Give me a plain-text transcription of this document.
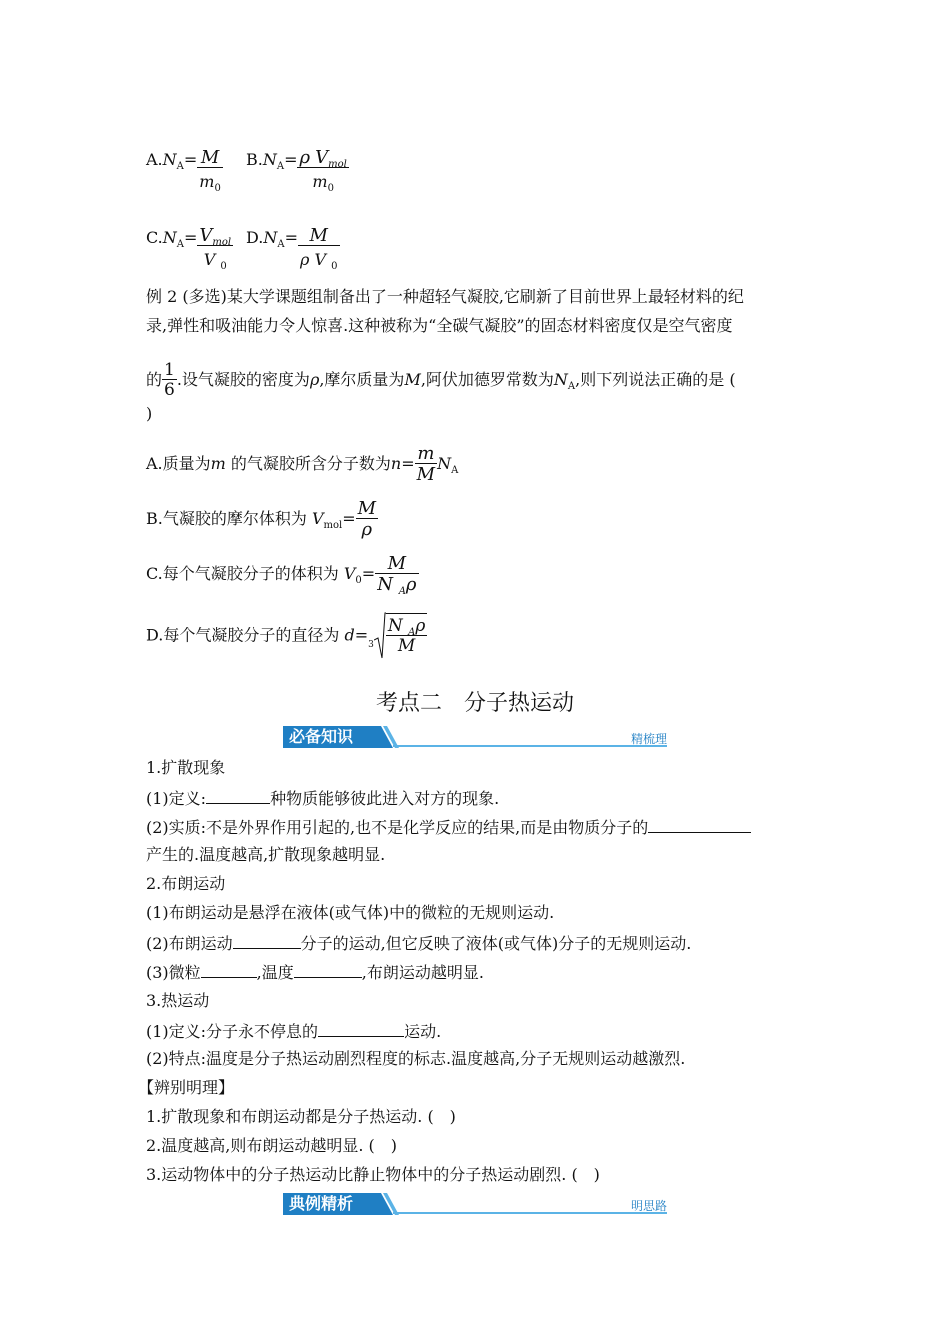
$A.N_A= \frac{M}{m_0} B.N_A= \frac{\rho V_{mol}}{m_0}$
$C.N_A= \frac{V_{mol}}{V _0} D.N_A= \frac{M}{\rho V _0}$
例 2 (多选)某大学课题组制备出了一种超轻气凝胶,它刷新了目前世界上最轻材料的纪
录,弹性和吸油能力令人惊喜.这种被称为“全碳气凝胶”的固态材料密度仅是空气密度
的 $\frac{1}{6}$ .设气凝胶的密度为ρ,摩尔质量为M,阿伏加德罗常数为$N_A$,则下列说法正确的是 (
)
A.质量为m 的气凝胶所含分子数为$n= \frac{m}{M} N_A$
B.气凝胶的摩尔体积为 $V_{mol}= \frac{M}{\rho}$
C.每个气凝胶分子的体积为 $V_0= \frac{M}{N _A\rho}$
D.每个气凝胶分子的直径为 $d=_3 \frac{N _A\rho}{M}$
考点二　分子热运动
必备知识	精梳理
1.扩散现象
(1)定义:	种物质能够彼此进入对方的现象.
(2)实质:不是外界作用引起的,也不是化学反应的结果,而是由物质分子的
产生的.温度越高,扩散现象越明显.
2.布朗运动
(1)布朗运动是悬浮在液体(或气体)中的微粒的无规则运动.
(2)布朗运动	分子的运动,但它反映了液体(或气体)分子的无规则运动.
(3)微粒	,温度	,布朗运动越明显.
3.热运动
(1)定义:分子永不停息的	运动.
(2)特点:温度是分子热运动剧烈程度的标志.温度越高,分子无规则运动越激烈.
【辨别明理】
1.扩散现象和布朗运动都是分子热运动. (　)
2.温度越高,则布朗运动越明显. (　)
3.运动物体中的分子热运动比静止物体中的分子热运动剧烈. (　)
典例精析	明思路
